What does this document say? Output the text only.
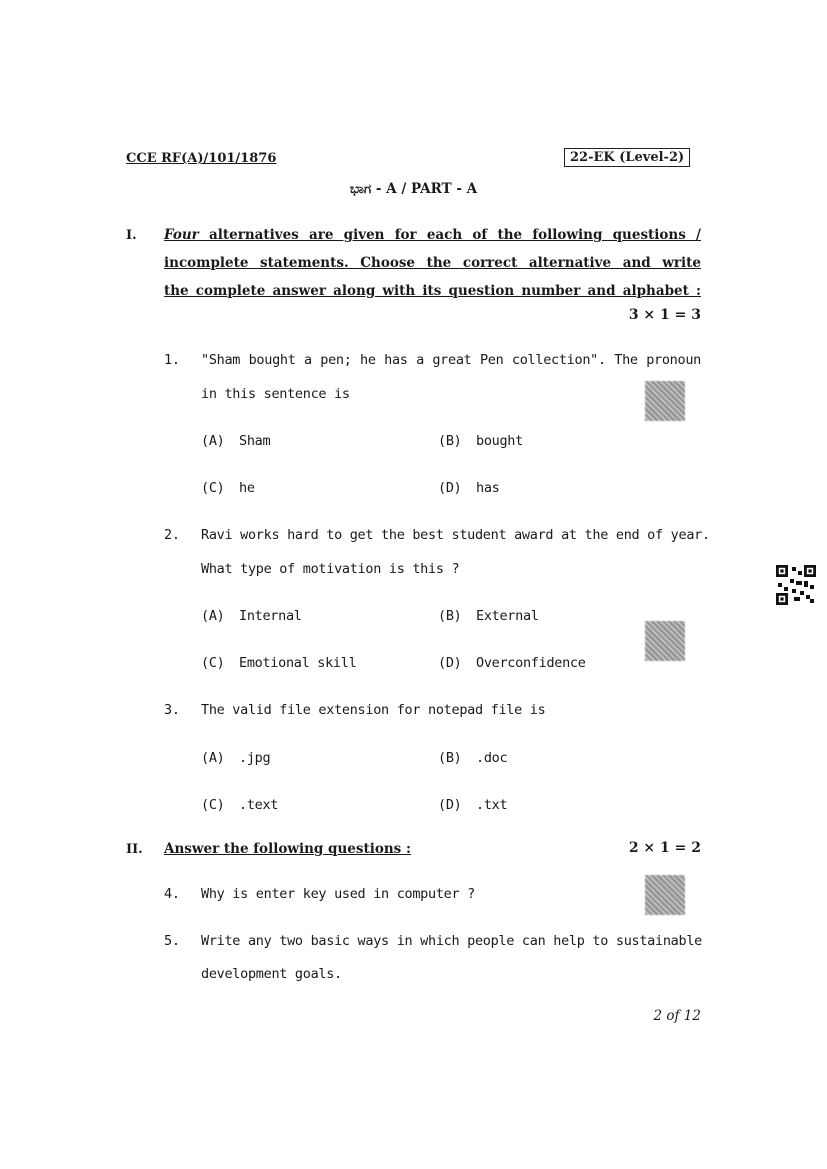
CCE RF(A)/101/1876	22-EK (Level-2)
ಭಾಗ - A / PART - A
I. Four alternatives are given for each of the following questions /
incomplete statements. Choose the correct alternative and write
the complete answer along with its question number and alphabet :
3 × 1 = 3
1. "Sham bought a pen; he has a great Pen collection". The pronoun
in this sentence is
(A) Sham	(B) bought
(C) he	(D) has
2. Ravi works hard to get the best student award at the end of year.
What type of motivation is this ?
(A) Internal	(B) External
(C) Emotional skill	(D) Overconfidence
3. The valid file extension for notepad file is
(A) .jpg	(B) .doc
(C) .text	(D) .txt
II. Answer the following questions :	2 × 1 = 2
4. Why is enter key used in computer ?
5. Write any two basic ways in which people can help to sustainable
development goals.
2 of 12
